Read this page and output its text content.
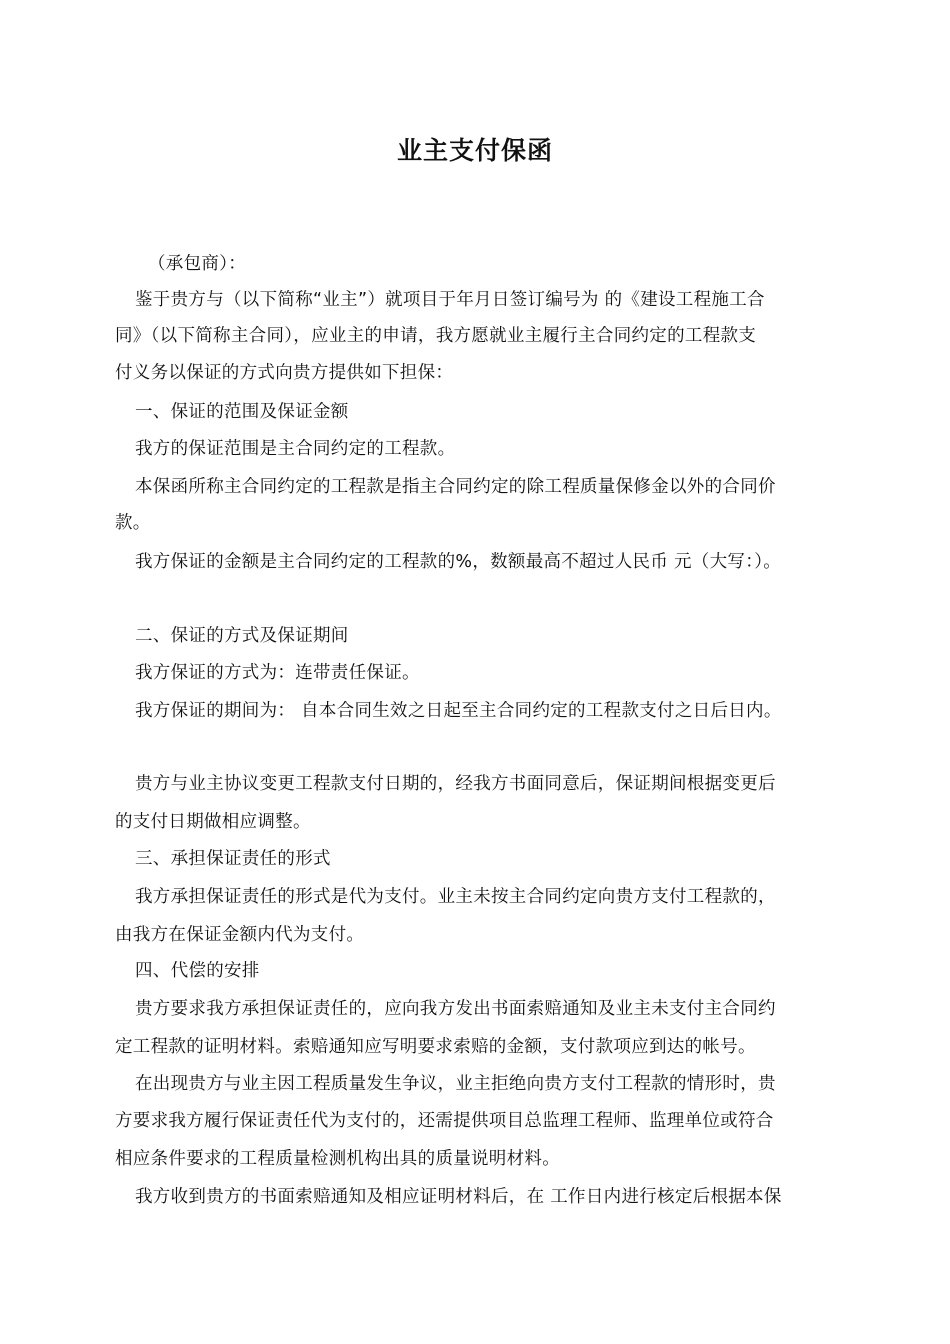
业主支付保函
（承包商）：
鉴于贵方与（以下简称“业主”）就项目于年月日签订编号为 的《建设工程施工合
同》（以下简称主合同），应业主的申请，我方愿就业主履行主合同约定的工程款支
付义务以保证的方式向贵方提供如下担保：
一、保证的范围及保证金额
我方的保证范围是主合同约定的工程款。
本保函所称主合同约定的工程款是指主合同约定的除工程质量保修金以外的合同价
款。
我方保证的金额是主合同约定的工程款的%，数额最高不超过人民币 元（大写：）。
二、保证的方式及保证期间
我方保证的方式为：连带责任保证。
我方保证的期间为： 自本合同生效之日起至主合同约定的工程款支付之日后日内。
贵方与业主协议变更工程款支付日期的，经我方书面同意后，保证期间根据变更后
的支付日期做相应调整。
三、承担保证责任的形式
我方承担保证责任的形式是代为支付。业主未按主合同约定向贵方支付工程款的，
由我方在保证金额内代为支付。
四、代偿的安排
贵方要求我方承担保证责任的，应向我方发出书面索赔通知及业主未支付主合同约
定工程款的证明材料。索赔通知应写明要求索赔的金额，支付款项应到达的帐号。
在出现贵方与业主因工程质量发生争议，业主拒绝向贵方支付工程款的情形时，贵
方要求我方履行保证责任代为支付的，还需提供项目总监理工程师、监理单位或符合
相应条件要求的工程质量检测机构出具的质量说明材料。
我方收到贵方的书面索赔通知及相应证明材料后，在 工作日内进行核定后根据本保
